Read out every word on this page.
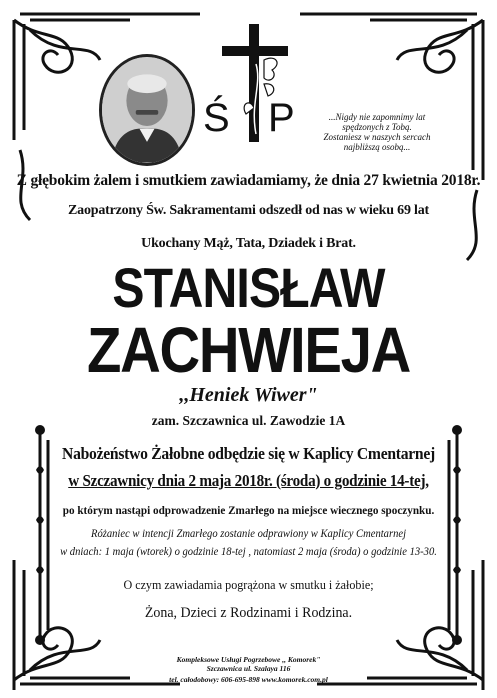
Ś P	...Nigdy nie zapomnimy lat
spędzonych z Tobą.
Zostaniesz w naszych sercach
najbliższą osobą...
Z głębokim żalem i smutkiem zawiadamiamy, że dnia 27 kwietnia 2018r.
Zaopatrzony Św. Sakramentami odszedł od nas w wieku 69 lat
Ukochany Mąż, Tata, Dziadek i Brat.
STANISŁAW
ZACHWIEJA
,,Heniek Wiwer"
zam. Szczawnica ul. Zawodzie 1A
Nabożeństwo Żałobne odbędzie się w Kaplicy Cmentarnej
w Szczawnicy dnia 2 maja 2018r. (środa) o godzinie 14-tej,
po którym nastąpi odprowadzenie Zmarłego na miejsce wiecznego spoczynku.
Różaniec w intencji Zmarłego zostanie odprawiony w Kaplicy Cmentarnej
w dniach: 1 maja (wtorek) o godzinie 18-tej , natomiast 2 maja (środa) o godzinie 13-30.
O czym zawiadamia pogrążona w smutku i żałobie;
Żona, Dzieci z Rodzinami i Rodzina.
Kompleksowe Usługi Pogrzebowe ,, Komorek"
Szczawnica ul. Szalaya 116
tel. całodobowy: 606-695-898 www.komorek.com.pl
